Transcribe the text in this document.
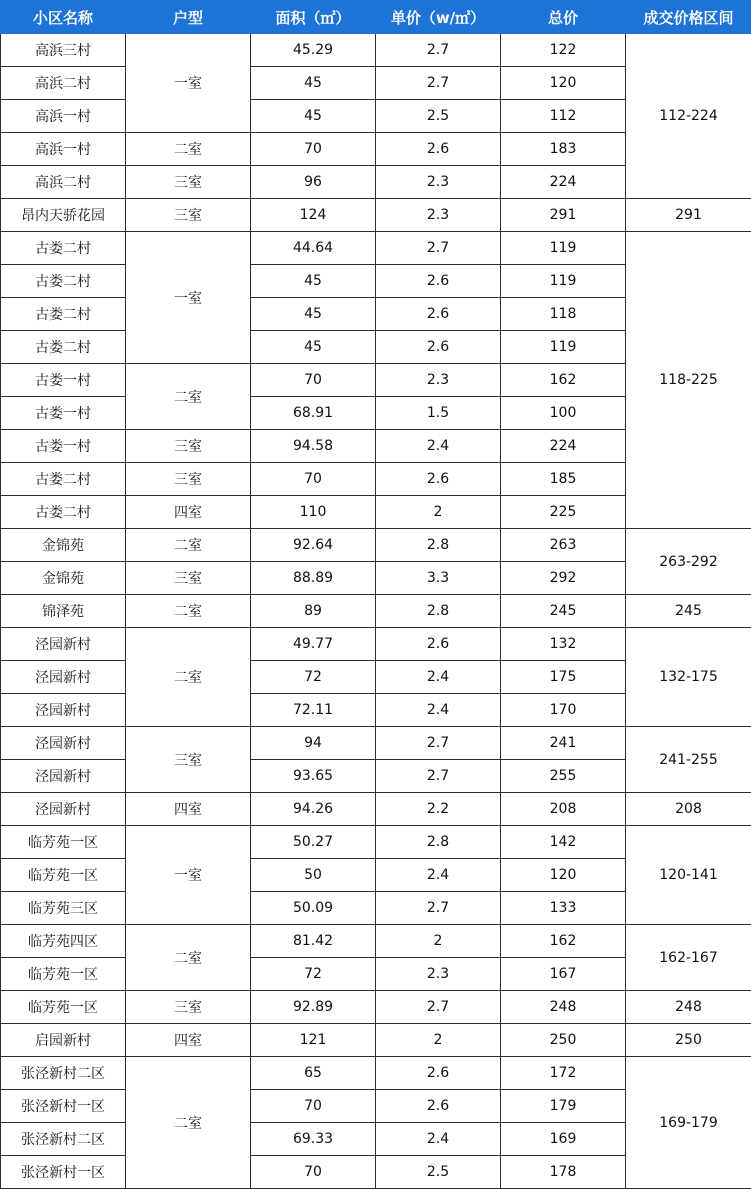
小区名称	户型	面积（㎡）	单价（w/㎡）	总价	成交价格区间
高浜三村	一室	45.29	2.7	122	112-224
高浜二村		45	2.7	120	
高浜一村		45	2.5	112	
高浜一村	二室	70	2.6	183	
高浜二村	三室	96	2.3	224	
昂内天骄花园	三室	124	2.3	291	291
古娄二村	一室	44.64	2.7	119	118-225
古娄二村		45	2.6	119	
古娄二村		45	2.6	118	
古娄二村		45	2.6	119	
古娄一村	二室	70	2.3	162	
古娄一村		68.91	1.5	100	
古娄一村	三室	94.58	2.4	224	
古娄二村	三室	70	2.6	185	
古娄二村	四室	110	2	225	
金锦苑	二室	92.64	2.8	263	263-292
金锦苑	三室	88.89	3.3	292	
锦泽苑	二室	89	2.8	245	245
泾园新村	二室	49.77	2.6	132	132-175
泾园新村		72	2.4	175	
泾园新村		72.11	2.4	170	
泾园新村	三室	94	2.7	241	241-255
泾园新村		93.65	2.7	255	
泾园新村	四室	94.26	2.2	208	208
临芳苑一区	一室	50.27	2.8	142	120-141
临芳苑一区		50	2.4	120	
临芳苑三区		50.09	2.7	133	
临芳苑四区	二室	81.42	2	162	162-167
临芳苑一区		72	2.3	167	
临芳苑一区	三室	92.89	2.7	248	248
启园新村	四室	121	2	250	250
张泾新村二区	二室	65	2.6	172	169-179
张泾新村一区		70	2.6	179	
张泾新村二区		69.33	2.4	169	
张泾新村一区		70	2.5	178	
